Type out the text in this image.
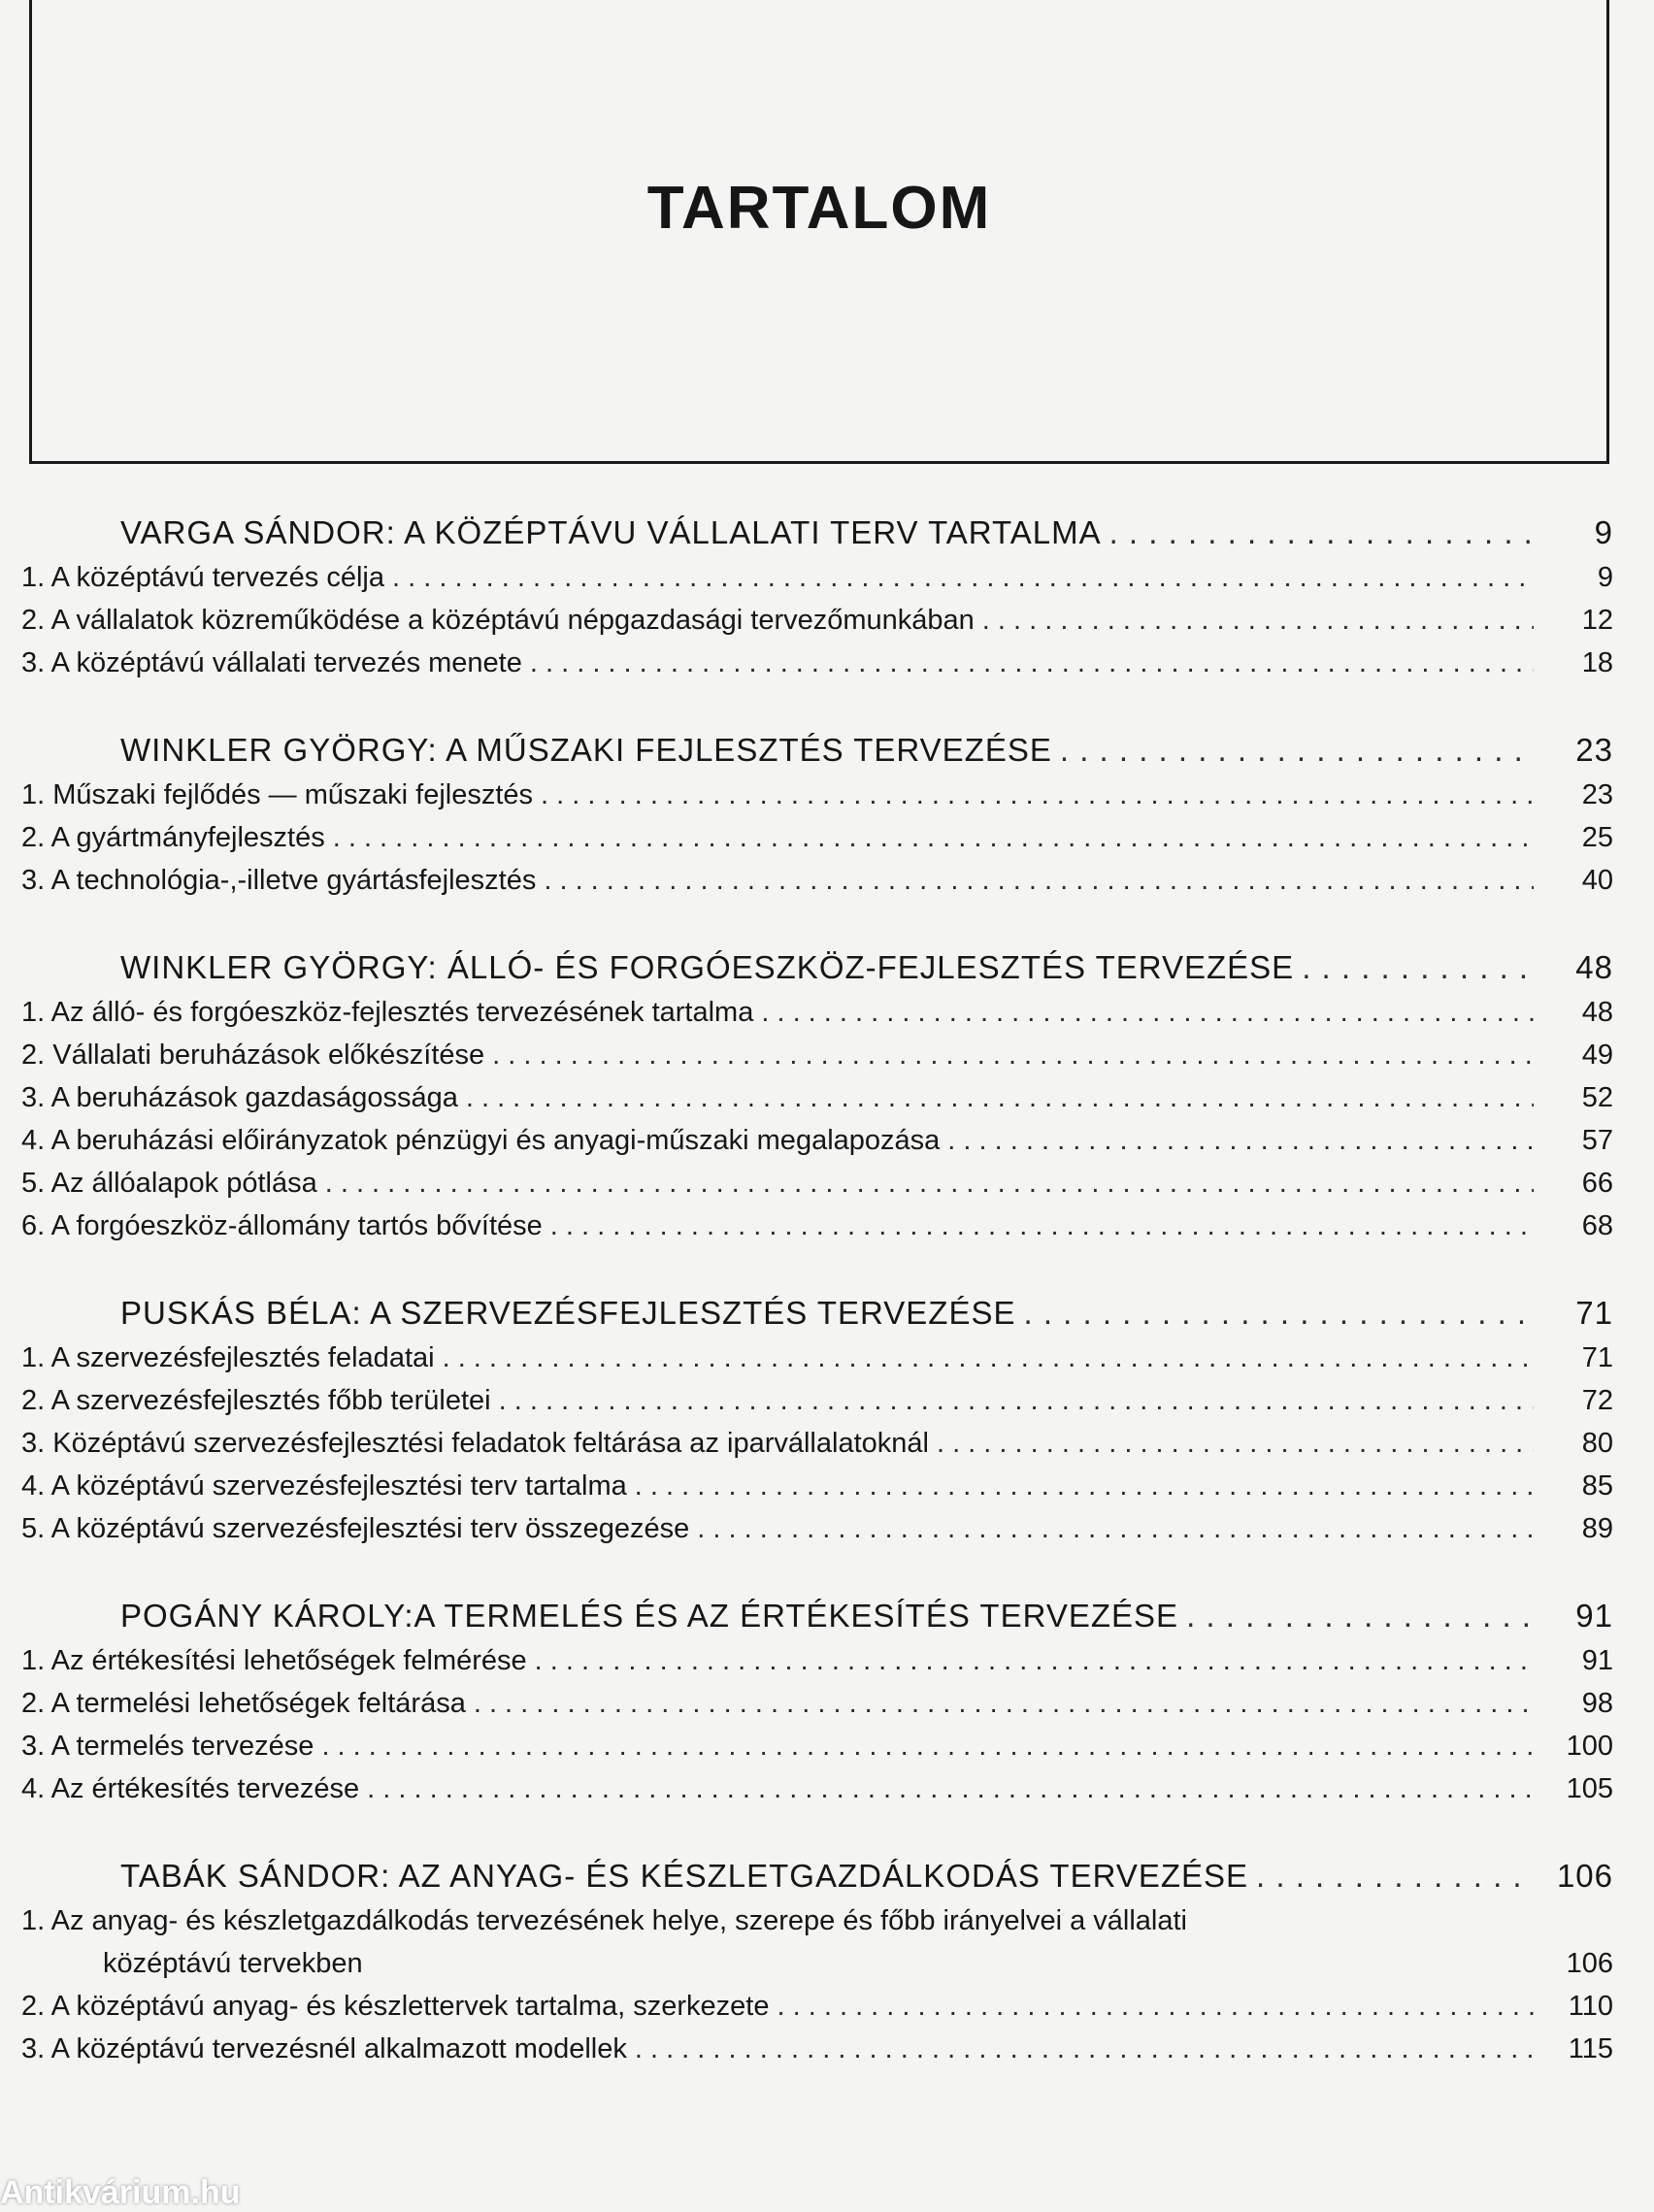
TARTALOM
VARGA SÁNDOR: A KÖZÉPTÁVU VÁLLALATI TERV TARTALMA . . .	9
1. A középtávú tervezés célja . . .	9
2. A vállalatok közreműködése a középtávú népgazdasági tervezőmunkában . . .	12
3. A középtávú vállalati tervezés menete . . .	18
WINKLER GYÖRGY: A MŰSZAKI FEJLESZTÉS TERVEZÉSE . . .	23
1. Műszaki fejlődés — műszaki fejlesztés . . .	23
2. A gyártmányfejlesztés . . .	25
3. A technológia-,-illetve gyártásfejlesztés . . .	40
WINKLER GYÖRGY: ÁLLÓ- ÉS FORGÓESZKÖZ-FEJLESZTÉS TERVEZÉSE . . .	48
1. Az álló- és forgóeszköz-fejlesztés tervezésének tartalma . . .	48
2. Vállalati beruházások előkészítése . . .	49
3. A beruházások gazdaságossága . . .	52
4. A beruházási előirányzatok pénzügyi és anyagi-műszaki megalapozása . . .	57
5. Az állóalapok pótlása . . .	66
6. A forgóeszköz-állomány tartós bővítése . . .	68
PUSKÁS BÉLA: A SZERVEZÉSFEJLESZTÉS TERVEZÉSE . . .	71
1. A szervezésfejlesztés feladatai . . .	71
2. A szervezésfejlesztés főbb területei . . .	72
3. Középtávú szervezésfejlesztési feladatok feltárása az iparvállalatoknál . . .	80
4. A középtávú szervezésfejlesztési terv tartalma . . .	85
5. A középtávú szervezésfejlesztési terv összegezése . . .	89
POGÁNY KÁROLY:A TERMELÉS ÉS AZ ÉRTÉKESÍTÉS TERVEZÉSE . . .	91
1. Az értékesítési lehetőségek felmérése . . .	91
2. A termelési lehetőségek feltárása . . .	98
3. A termelés tervezése . . .	100
4. Az értékesítés tervezése . . .	105
TABÁK SÁNDOR: AZ ANYAG- ÉS KÉSZLETGAZDÁLKODÁS TERVEZÉSE . . .	106
1. Az anyag- és készletgazdálkodás tervezésének helye, szerepe és főbb irányelvei a vállalati
középtávú tervekben	106
2. A középtávú anyag- és készlettervek tartalma, szerkezete . . .	110
3. A középtávú tervezésnél alkalmazott modellek . . .	115
Antikvárium.hu
